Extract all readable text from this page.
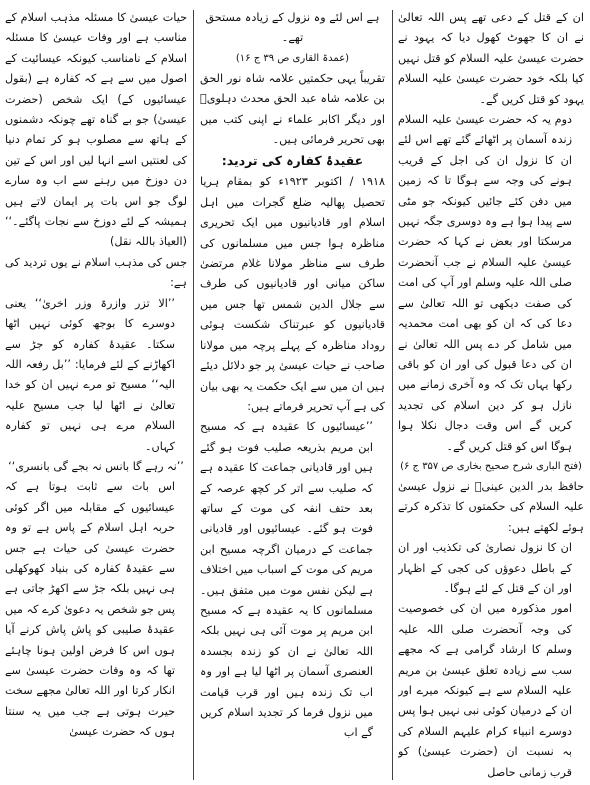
ان کے قتل کے دعی تھے پس اللہ تعالیٰ نے ان کا جھوٹ کھول دیا کہ یہود نے حضرت عیسیٰ علیہ السلام کو قتل نہیں کیا بلکہ خود حضرت عیسیٰ علیہ السلام یہود کو قتل کریں گے۔

دوم یہ کہ حضرت عیسیٰ علیہ السلام زندہ آسمان پر اٹھائے گئے تھے اس لئے ان کا نزول ان کی اجل کے قریب ہونے کی وجہ سے ہوگا تا کہ زمین میں دفن کئے جائیں کیونکہ جو مٹی سے پیدا ہوا ہے وہ دوسری جگہ نہیں مرسکتا اور بعض نے کہا کہ حضرت عیسیٰ علیہ السلام نے جب آنحضرت صلی اللہ علیہ وسلم اور آپ کی امت کی صفت دیکھی تو اللہ تعالیٰ سے دعا کی کہ ان کو بھی امت محمدیہ میں شامل کر دے پس اللہ تعالیٰ نے ان کی دعا قبول کی اور ان کو باقی رکھا یہاں تک کہ وہ آخری زمانے میں نازل ہو کر دین اسلام کی تجدید کریں گے اس وقت دجال نکلا ہوا ہوگا اس کو قتل کریں گے۔

(فتح الباری شرح صحیح بخاری ص ۳۵۷ ج ۶)

حافظ بدر الدین عینیؒ نے نزول عیسیٰ علیہ السلام کی حکمتوں کا تذکرہ کرتے ہوئے لکھتے ہیں:

ان کا نزول نصاریٰ کی تکذیب اور ان کے باطل دعوؤں کی کجی کے اظہار اور ان کے قتل کے لئے ہوگا۔

امور مذکورہ میں ان کی خصوصیت کی وجہ آنحضرت صلی اللہ علیہ وسلم کا ارشاد گرامی ہے کہ مجھے سب سے زیادہ تعلق عیسیٰ بن مریم علیہ السلام سے ہے کیونکہ میرے اور ان کے درمیان کوئی نبی نہیں ہوا پس دوسرے انبیاء کرام علیہم السلام کی بہ نسبت ان (حضرت عیسیٰ) کو قرب زمانی حاصل

ہے اس لئے وہ نزول کے زیادہ مستحق تھے۔

(عمدۃ القاری ص ۳۹ ج ۱۶)

تقریباً یہی حکمتیں علامہ شاہ نور الحق بن علامہ شاہ عبد الحق محدث دہلویؒ اور دیگر اکابر علماء نے اپنی کتب میں بھی تحریر فرمائی ہیں۔

عقیدۂ کفارہ کی تردید:

۱۹۱۸ / اکتوبر ۱۹۲۳ء کو بمقام ہریا تحصیل پھالیہ ضلع گجرات میں اہل اسلام اور قادیانیوں میں ایک تحریری مناظرہ ہوا جس میں مسلمانوں کی طرف سے مناظر مولانا غلام مرتضیٰ ساکن میانی اور قادیانیوں کی طرف سے جلال الدین شمس تھا جس میں قادیانیوں کو عبرتناک شکست ہوئی روداد مناظرہ کے پہلے پرچہ میں مولانا صاحب نے حیات عیسیٰ پر جو دلائل دیئے ہیں ان میں سے ایک حکمت یہ بھی بیان کی ہے آپ تحریر فرماتے ہیں:

’’عیسائیوں کا عقیدہ ہے کہ مسیح ابن مریم بذریعہ صلیب فوت ہو گئے ہیں اور قادیانی جماعت کا عقیدہ ہے کہ صلیب سے اتر کر کچھ عرصہ کے بعد حتف انفہ کی موت کے ساتھ فوت ہو گئے۔ عیسائیوں اور قادیانی جماعت کے درمیان اگرچہ مسیح ابن مریم کی موت کے اسباب میں اختلاف ہے لیکن نفس موت میں متفق ہیں۔ مسلمانوں کا یہ عقیدہ ہے کہ مسیح ابن مریم پر موت آئی ہی نہیں بلکہ اللہ تعالیٰ نے ان کو زندہ بجسدہ العنصری آسمان پر اٹھا لیا ہے اور وہ اب تک زندہ ہیں اور قرب قیامت میں نزول فرما کر تجدید اسلام کریں گے اب

حیات عیسیٰ کا مسئلہ مذہب اسلام کے مناسب ہے اور وفات عیسیٰ کا مسئلہ اسلام کے نامناسب کیونکہ عیسائیت کے اصول میں سے ہے کہ کفارہ ہے (بقول عیسائیوں کے) ایک شخص (حضرت عیسیٰ) جو بے گناہ تھے چونکہ دشمنوں کے ہاتھ سے مصلوب ہو کر تمام دنیا کی لعنتیں اسے انہا لیں اور اس کے تین دن دوزخ میں رہنے سے اب وہ سارے لوگ جو اس بات پر ایمان لاتے ہیں ہمیشہ کے لئے دوزخ سے نجات پاگئے۔‘‘ (العیاذ باللہ نقل)

جس کی مذہب اسلام نے یوں تردید کی ہے:

’’الا تزر وازرۃ وزر اخریٰ‘‘ یعنی دوسرے کا بوجھ کوئی نہیں اٹھا سکتا۔ عقیدۂ کفارہ کو جڑ سے اکھاڑنے کے لئے فرمایا: ’’بل رفعہ اللہ الیہ‘‘ مسیح تو مرے نہیں ان کو خدا تعالیٰ نے اٹھا لیا جب مسیح علیہ السلام مرے ہی نہیں تو کفارہ کہاں۔

’’نہ رہے گا بانس نہ بجے گی بانسری‘‘

اس بات سے ثابت ہوتا ہے کہ عیسائیوں کے مقابلہ میں اگر کوئی حربہ اہل اسلام کے پاس ہے تو وہ حضرت عیسیٰ کی حیات ہے جس سے عقیدۂ کفارہ کی بنیاد کھوکھلی ہی نہیں بلکہ جڑ سے اکھڑ جاتی ہے پس جو شخص یہ دعویٰ کرے کہ میں عقیدۂ صلیبی کو پاش پاش کرنے آیا ہوں اس کا فرض اولین ہونا چاہئے تھا کہ وہ وفات حضرت عیسیٰ سے انکار کرتا اور اللہ تعالیٰ مجھے سخت حیرت ہوتی ہے جب میں یہ سنتا ہوں کہ حضرت عیسیٰ
